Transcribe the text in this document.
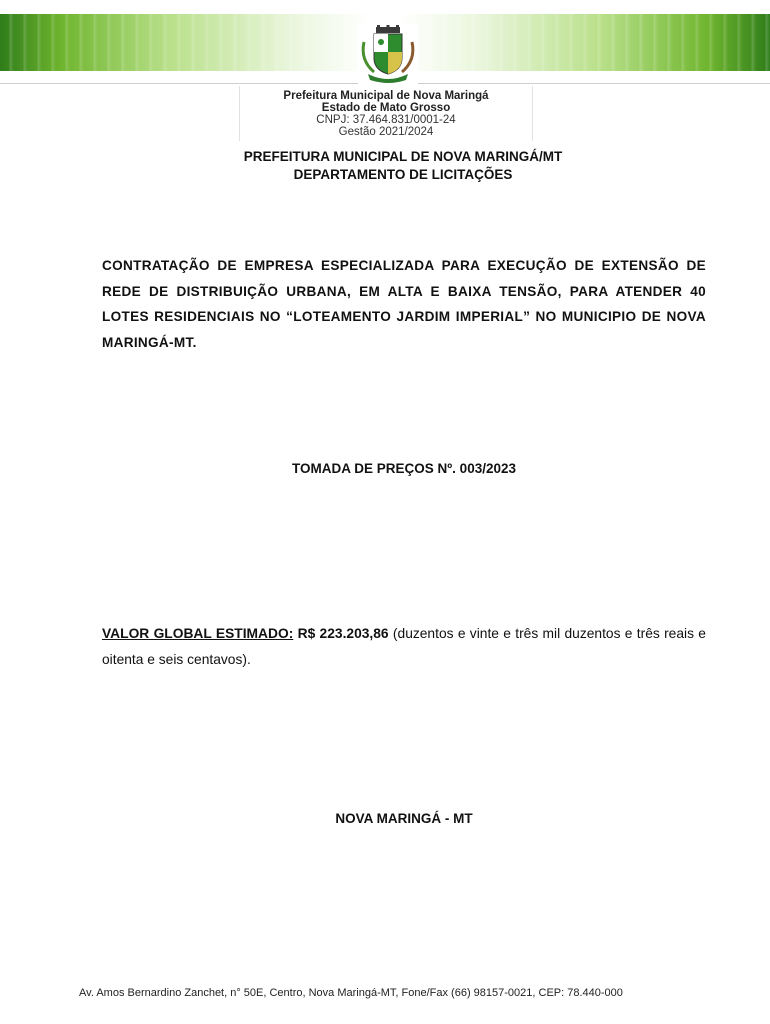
Prefeitura Municipal de Nova Maringá
Estado de Mato Grosso
CNPJ: 37.464.831/0001-24
Gestão 2021/2024
PREFEITURA MUNICIPAL DE NOVA MARINGÁ/MT
DEPARTAMENTO DE LICITAÇÕES
CONTRATAÇÃO DE EMPRESA ESPECIALIZADA PARA EXECUÇÃO DE EXTENSÃO DE REDE DE DISTRIBUIÇÃO URBANA, EM ALTA E BAIXA TENSÃO, PARA ATENDER 40 LOTES RESIDENCIAIS NO “LOTEAMENTO JARDIM IMPERIAL” NO MUNICIPIO DE NOVA MARINGÁ-MT.
TOMADA DE PREÇOS Nº. 003/2023
VALOR GLOBAL ESTIMADO: R$ 223.203,86 (duzentos e vinte e três mil duzentos e três reais e oitenta e seis centavos).
NOVA MARINGÁ - MT
Av. Amos Bernardino Zanchet, n° 50E, Centro, Nova Maringá-MT, Fone/Fax (66) 98157-0021, CEP: 78.440-000
